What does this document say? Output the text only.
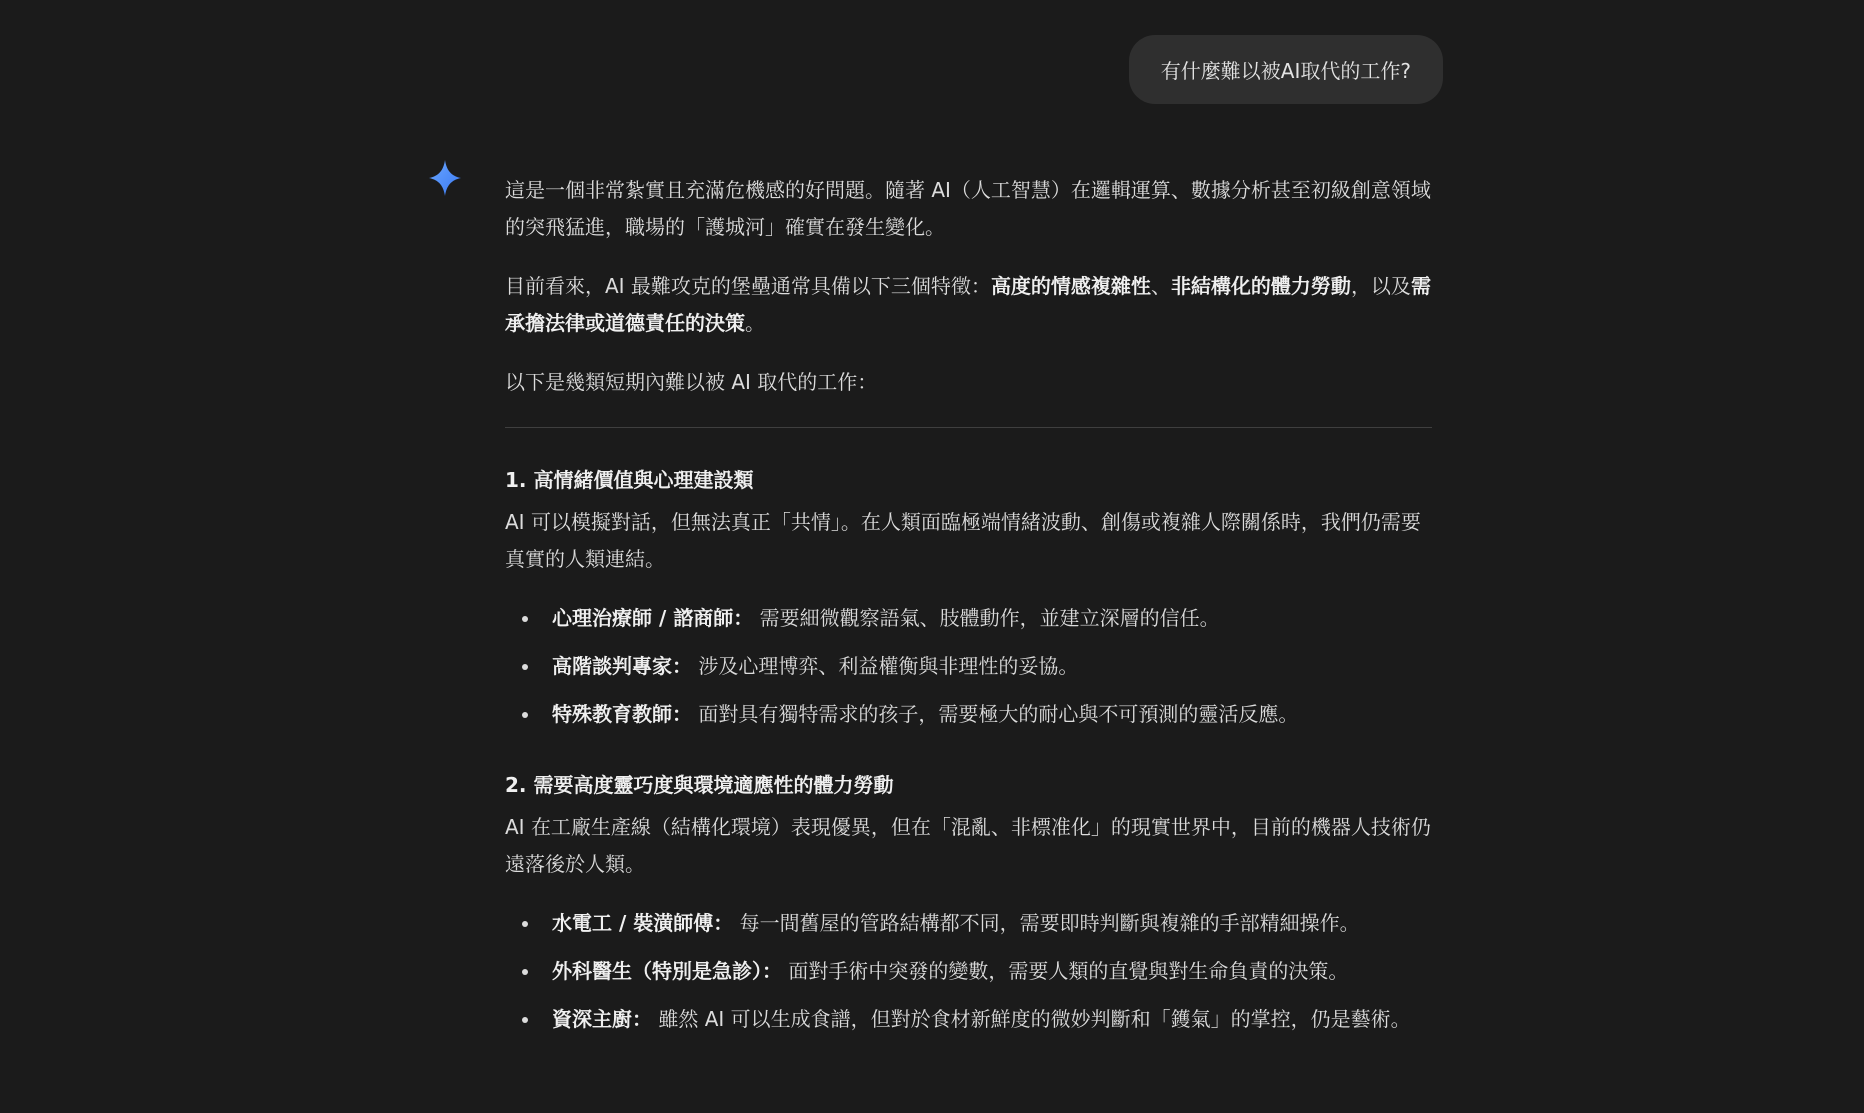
有什麼難以被AI取代的工作?

這是一個非常紮實且充滿危機感的好問題。隨著 AI（人工智慧）在邏輯運算、數據分析甚至初級創意領域的突飛猛進，職場的「護城河」確實在發生變化。

目前看來，AI 最難攻克的堡壘通常具備以下三個特徵：高度的情感複雜性、非結構化的體力勞動，以及需承擔法律或道德責任的決策。

以下是幾類短期內難以被 AI 取代的工作：

1. 高情緒價值與心理建設類

AI 可以模擬對話，但無法真正「共情」。在人類面臨極端情緒波動、創傷或複雜人際關係時，我們仍需要真實的人類連結。

心理治療師 / 諮商師： 需要細微觀察語氣、肢體動作，並建立深層的信任。
高階談判專家： 涉及心理博弈、利益權衡與非理性的妥協。
特殊教育教師： 面對具有獨特需求的孩子，需要極大的耐心與不可預測的靈活反應。
2. 需要高度靈巧度與環境適應性的體力勞動

AI 在工廠生產線（結構化環境）表現優異，但在「混亂、非標准化」的現實世界中，目前的機器人技術仍遠落後於人類。

水電工 / 裝潢師傅： 每一間舊屋的管路結構都不同，需要即時判斷與複雜的手部精細操作。
外科醫生（特別是急診）： 面對手術中突發的變數，需要人類的直覺與對生命負責的決策。
資深主廚： 雖然 AI 可以生成食譜，但對於食材新鮮度的微妙判斷和「鑊氣」的掌控，仍是藝術。
